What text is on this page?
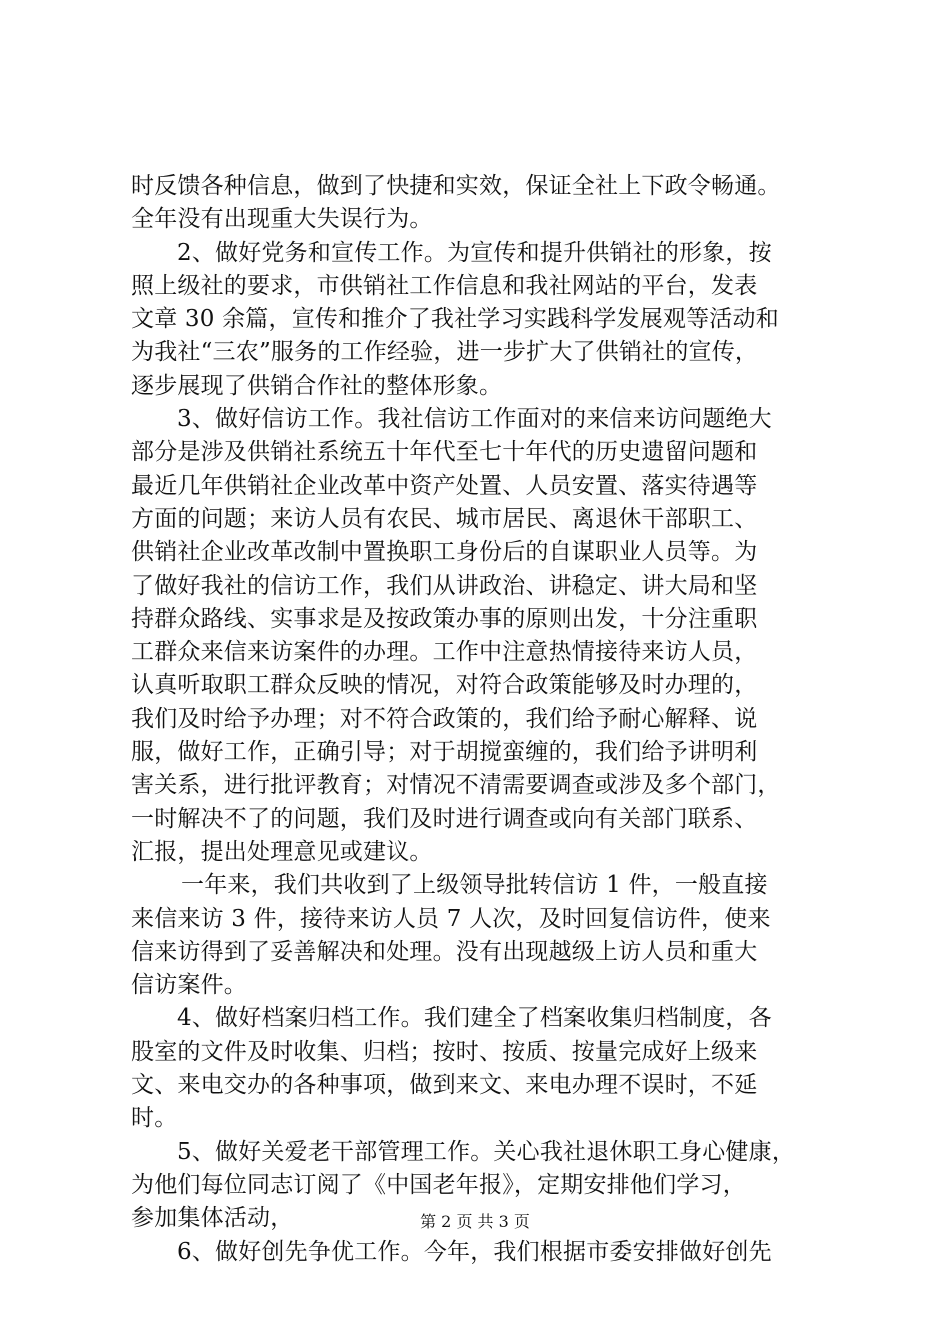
时反馈各种信息，做到了快捷和实效，保证全社上下政令畅通。
全年没有出现重大失误行为。
2、做好党务和宣传工作。为宣传和提升供销社的形象，按
照上级社的要求，市供销社工作信息和我社网站的平台，发表
文章 30 余篇，宣传和推介了我社学习实践科学发展观等活动和
为我社“三农”服务的工作经验，进一步扩大了供销社的宣传，
逐步展现了供销合作社的整体形象。
3、做好信访工作。我社信访工作面对的来信来访问题绝大
部分是涉及供销社系统五十年代至七十年代的历史遗留问题和
最近几年供销社企业改革中资产处置、人员安置、落实待遇等
方面的问题；来访人员有农民、城市居民、离退休干部职工、
供销社企业改革改制中置换职工身份后的自谋职业人员等。为
了做好我社的信访工作，我们从讲政治、讲稳定、讲大局和坚
持群众路线、实事求是及按政策办事的原则出发，十分注重职
工群众来信来访案件的办理。工作中注意热情接待来访人员，
认真听取职工群众反映的情况，对符合政策能够及时办理的，
我们及时给予办理；对不符合政策的，我们给予耐心解释、说
服，做好工作，正确引导；对于胡搅蛮缠的，我们给予讲明利
害关系，进行批评教育；对情况不清需要调查或涉及多个部门，
一时解决不了的问题，我们及时进行调查或向有关部门联系、
汇报，提出处理意见或建议。
一年来，我们共收到了上级领导批转信访 1 件，一般直接
来信来访 3 件，接待来访人员 7 人次，及时回复信访件，使来
信来访得到了妥善解决和处理。没有出现越级上访人员和重大
信访案件。
4、做好档案归档工作。我们建全了档案收集归档制度，各
股室的文件及时收集、归档；按时、按质、按量完成好上级来
文、来电交办的各种事项，做到来文、来电办理不误时，不延
时。
5、做好关爱老干部管理工作。关心我社退休职工身心健康，
为他们每位同志订阅了《中国老年报》，定期安排他们学习，
参加集体活动，
6、做好创先争优工作。今年，我们根据市委安排做好创先
第 2 页 共 3 页
